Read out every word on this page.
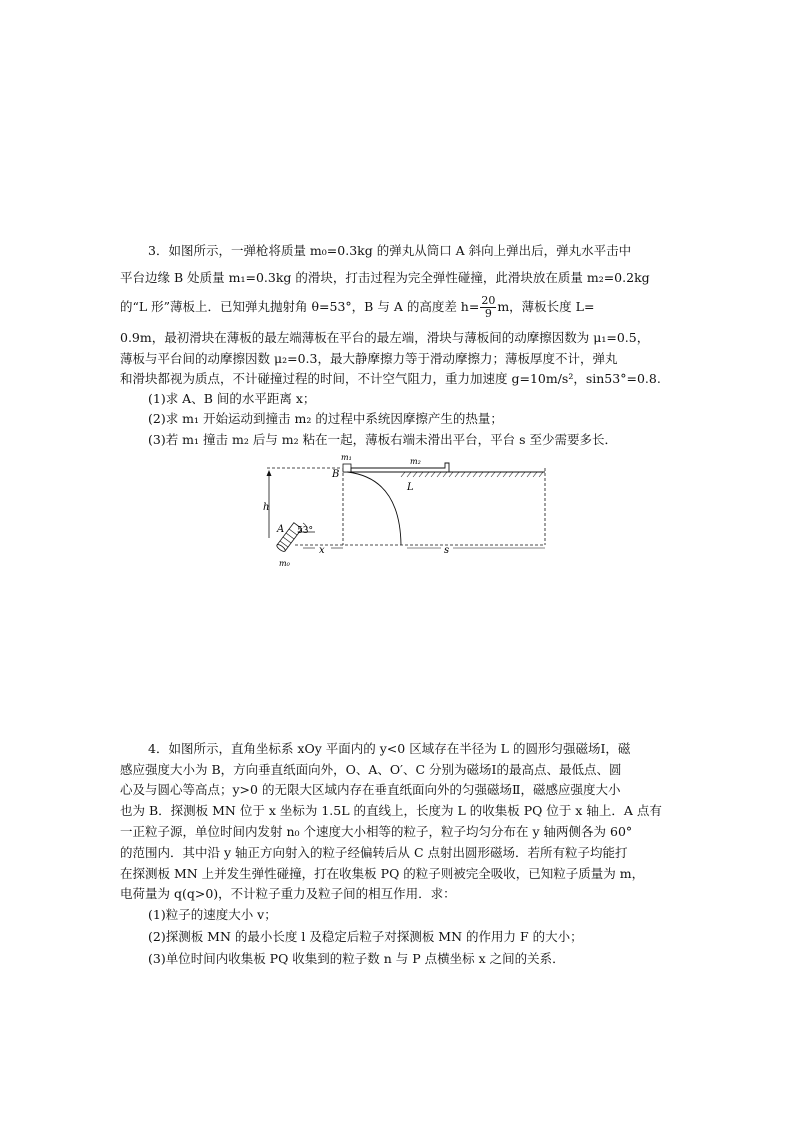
3．如图所示，一弹枪将质量 m₀=0.3kg 的弹丸从筒口 A 斜向上弹出后，弹丸水平击中
平台边缘 B 处质量 m₁=0.3kg 的滑块，打击过程为完全弹性碰撞，此滑块放在质量 m₂=0.2kg
的“L 形”薄板上．已知弹丸抛射角 θ=53°，B 与 A 的高度差 $h= \frac{20}{9}$ m，薄板长度 L=
0.9m，最初滑块在薄板的最左端薄板在平台的最左端，滑块与薄板间的动摩擦因数为 μ₁=0.5，
薄板与平台间的动摩擦因数 μ₂=0.3，最大静摩擦力等于滑动摩擦力；薄板厚度不计，弹丸
和滑块都视为质点，不计碰撞过程的时间，不计空气阻力，重力加速度 g=10m/s²，sin53°=0.8.
(1)求 A、B 间的水平距离 x；
(2)求 m₁ 开始运动到撞击 m₂ 的过程中系统因摩擦产生的热量；
(3)若 m₁ 撞击 m₂ 后与 m₂ 粘在一起，薄板右端未滑出平台，平台 s 至少需要多长．
h
m₁	m₂
B
L
A 53°
m₀
x	s
4．如图所示，直角坐标系 xOy 平面内的 y<0 区域存在半径为 L 的圆形匀强磁场Ⅰ，磁
感应强度大小为 B，方向垂直纸面向外，O、A、O′、C 分别为磁场Ⅰ的最高点、最低点、圆
心及与圆心等高点；y>0 的无限大区域内存在垂直纸面向外的匀强磁场Ⅱ，磁感应强度大小
也为 B．探测板 MN 位于 x 坐标为 1.5L 的直线上，长度为 L 的收集板 PQ 位于 x 轴上．A 点有
一正粒子源，单位时间内发射 n₀ 个速度大小相等的粒子，粒子均匀分布在 y 轴两侧各为 60°
的范围内．其中沿 y 轴正方向射入的粒子经偏转后从 C 点射出圆形磁场．若所有粒子均能打
在探测板 MN 上并发生弹性碰撞，打在收集板 PQ 的粒子则被完全吸收，已知粒子质量为 m，
电荷量为 q(q>0)，不计粒子重力及粒子间的相互作用．求：
(1)粒子的速度大小 v；
(2)探测板 MN 的最小长度 l 及稳定后粒子对探测板 MN 的作用力 F 的大小；
(3)单位时间内收集板 PQ 收集到的粒子数 n 与 P 点横坐标 x 之间的关系．
